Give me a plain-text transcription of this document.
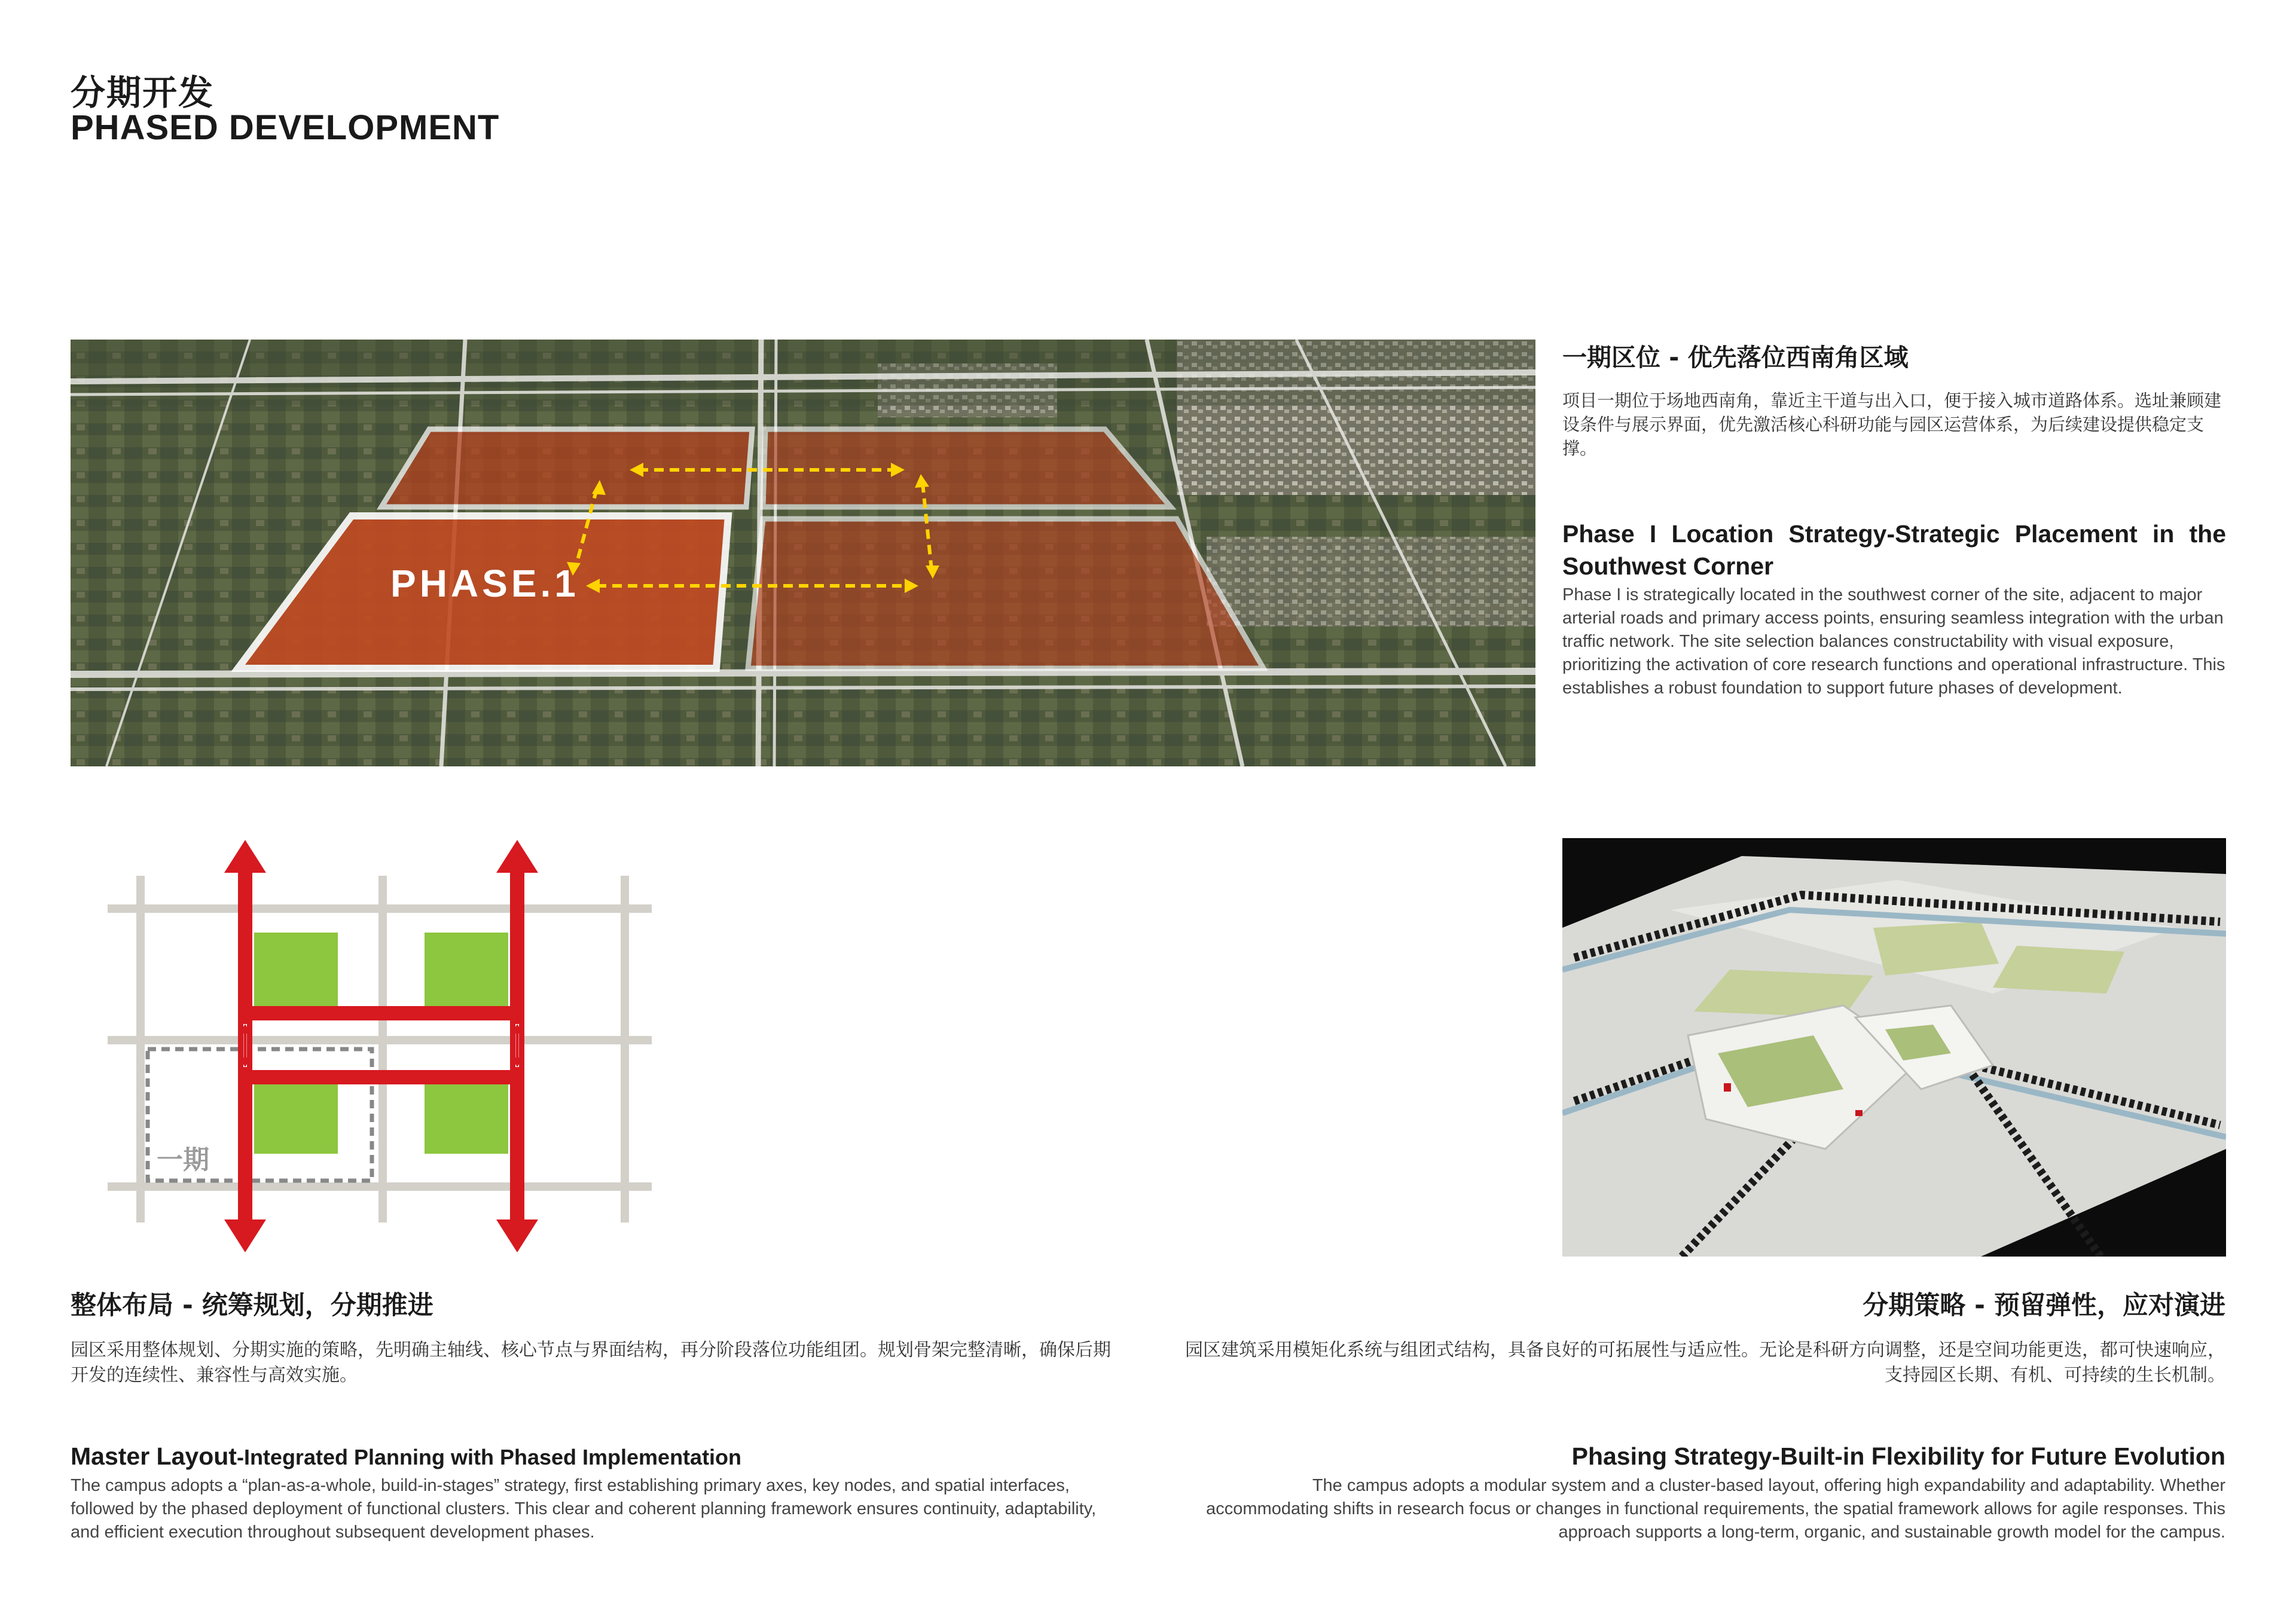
分期开发
PHASED DEVELOPMENT
PHASE.1
一期区位 - 优先落位西南角区域
项目一期位于场地西南角，靠近主干道与出入口，便于接入城市道路体系。选址兼顾建设条件与展示界面，优先激活核心科研功能与园区运营体系，为后续建设提供稳定支撑。
Phase I Location Strategy-Strategic Placement in the Southwest Corner
Phase I is strategically located in the southwest corner of the site, adjacent to major arterial roads and primary access points, ensuring seamless integration with the urban traffic network. The site selection balances constructability with visual exposure, prioritizing the activation of core research functions and operational infrastructure. This establishes a robust foundation to support future phases of development.
一期
整体布局 - 统筹规划，分期推进
园区采用整体规划、分期实施的策略，先明确主轴线、核心节点与界面结构，再分阶段落位功能组团。规划骨架完整清晰，确保后期开发的连续性、兼容性与高效实施。
Master Layout-Integrated Planning with Phased Implementation
The campus adopts a “plan-as-a-whole, build-in-stages” strategy, first establishing primary axes, key nodes, and spatial interfaces, followed by the phased deployment of functional clusters. This clear and coherent planning framework ensures continuity, adaptability, and efficient execution throughout subsequent development phases.
分期策略 - 预留弹性，应对演进
园区建筑采用模矩化系统与组团式结构，具备良好的可拓展性与适应性。无论是科研方向调整，还是空间功能更迭，都可快速响应，支持园区长期、有机、可持续的生长机制。
Phasing Strategy-Built-in Flexibility for Future Evolution
The campus adopts a modular system and a cluster-based layout, offering high expandability and adaptability. Whether accommodating shifts in research focus or changes in functional requirements, the spatial framework allows for agile responses. This approach supports a long-term, organic, and sustainable growth model for the campus.
